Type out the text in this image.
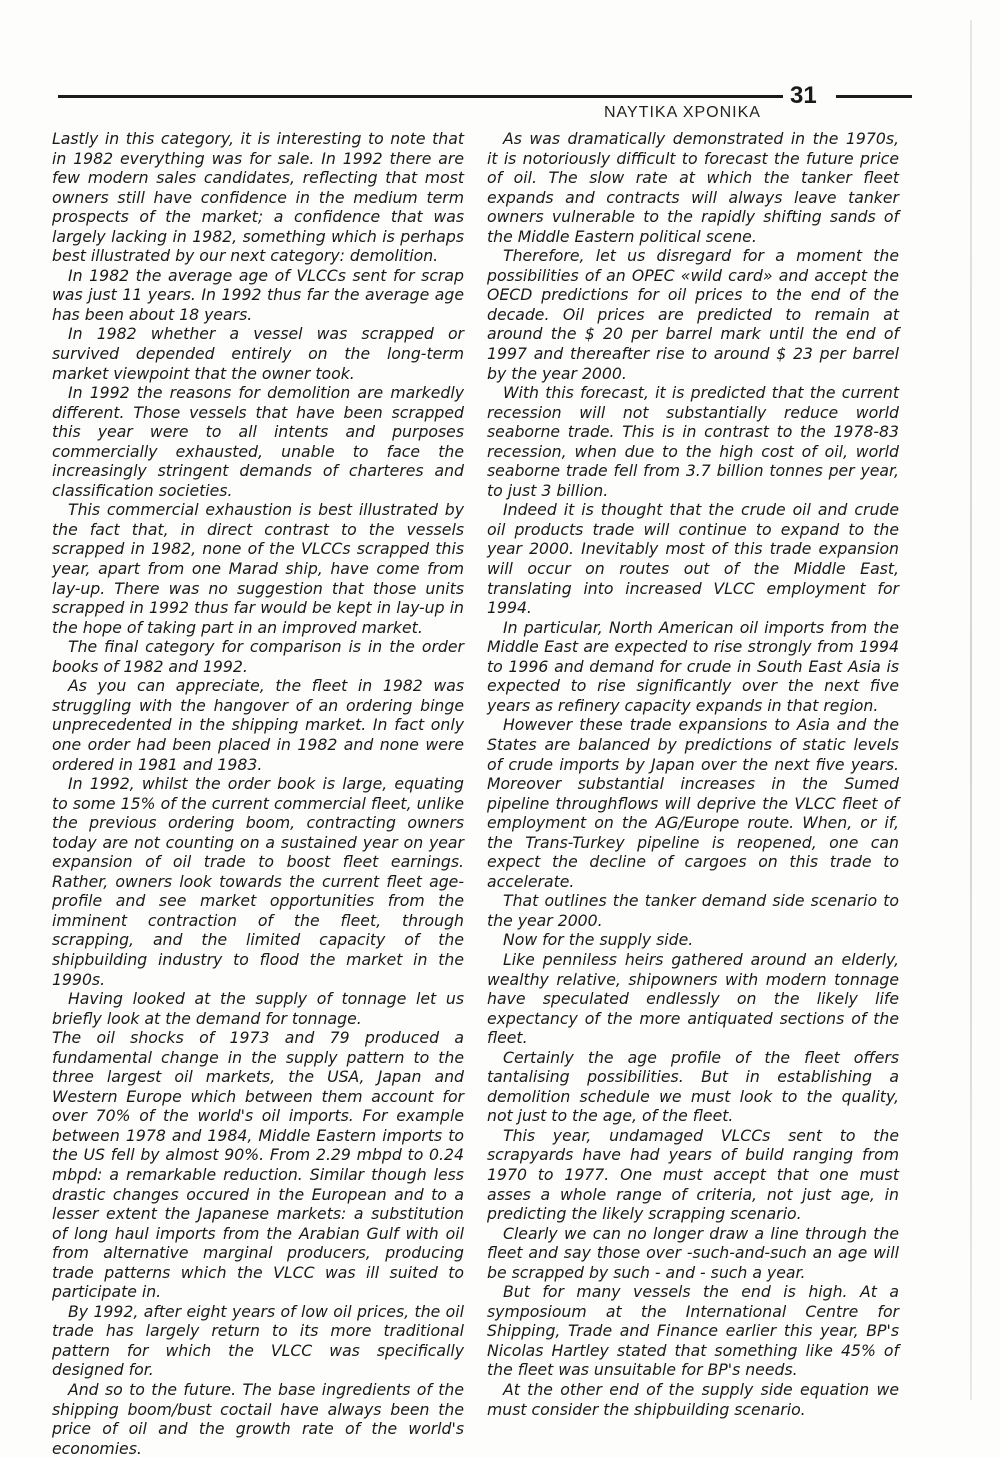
NAYTIKA XPONIKA
31

Lastly in this category, it is interesting to note that in 1982 everything was for sale. In 1992 there are few modern sales candidates, reflecting that most owners still have confidence in the medium term prospects of the market; a confidence that was largely lacking in 1982, something which is perhaps best illustrated by our next category: demolition.

In 1982 the average age of VLCCs sent for scrap was just 11 years. In 1992 thus far the average age has been about 18 years.

In 1982 whether a vessel was scrapped or survived depended entirely on the long-term market viewpoint that the owner took.

In 1992 the reasons for demolition are markedly different. Those vessels that have been scrapped this year were to all intents and purposes commercially exhausted, unable to face the increasingly stringent demands of charteres and classification societies.

This commercial exhaustion is best illustrated by the fact that, in direct contrast to the vessels scrapped in 1982, none of the VLCCs scrapped this year, apart from one Marad ship, have come from lay-up. There was no suggestion that those units scrapped in 1992 thus far would be kept in lay-up in the hope of taking part in an improved market.

The final category for comparison is in the order books of 1982 and 1992.

As you can appreciate, the fleet in 1982 was struggling with the hangover of an ordering binge unprecedented in the shipping market. In fact only one order had been placed in 1982 and none were ordered in 1981 and 1983.

In 1992, whilst the order book is large, equating to some 15% of the current commercial fleet, unlike the previous ordering boom, contracting owners today are not counting on a sustained year on year expansion of oil trade to boost fleet earnings. Rather, owners look towards the current fleet age-profile and see market opportunities from the imminent contraction of the fleet, through scrapping, and the limited capacity of the shipbuilding industry to flood the market in the 1990s.

Having looked at the supply of tonnage let us briefly look at the demand for tonnage.

The oil shocks of 1973 and 79 produced a fundamental change in the supply pattern to the three largest oil markets, the USA, Japan and Western Europe which between them account for over 70% of the world's oil imports. For example between 1978 and 1984, Middle Eastern imports to the US fell by almost 90%. From 2.29 mbpd to 0.24 mbpd: a remarkable reduction. Similar though less drastic changes occured in the European and to a lesser extent the Japanese markets: a substitution of long haul imports from the Arabian Gulf with oil from alternative marginal producers, producing trade patterns which the VLCC was ill suited to participate in.

By 1992, after eight years of low oil prices, the oil trade has largely return to its more traditional pattern for which the VLCC was specifically designed for.

And so to the future. The base ingredients of the shipping boom/bust coctail have always been the price of oil and the growth rate of the world's economies.

As was dramatically demonstrated in the 1970s, it is notoriously difficult to forecast the future price of oil. The slow rate at which the tanker fleet expands and contracts will always leave tanker owners vulnerable to the rapidly shifting sands of the Middle Eastern political scene.

Therefore, let us disregard for a moment the possibilities of an OPEC «wild card» and accept the OECD predictions for oil prices to the end of the decade. Oil prices are predicted to remain at around the $ 20 per barrel mark until the end of 1997 and thereafter rise to around $ 23 per barrel by the year 2000.

With this forecast, it is predicted that the current recession will not substantially reduce world seaborne trade. This is in contrast to the 1978-83 recession, when due to the high cost of oil, world seaborne trade fell from 3.7 billion tonnes per year, to just 3 billion.

Indeed it is thought that the crude oil and crude oil products trade will continue to expand to the year 2000. Inevitably most of this trade expansion will occur on routes out of the Middle East, translating into increased VLCC employment for 1994.

In particular, North American oil imports from the Middle East are expected to rise strongly from 1994 to 1996 and demand for crude in South East Asia is expected to rise significantly over the next five years as refinery capacity expands in that region.

However these trade expansions to Asia and the States are balanced by predictions of static levels of crude imports by Japan over the next five years. Moreover substantial increases in the Sumed pipeline throughflows will deprive the VLCC fleet of employment on the AG/Europe route. When, or if, the Trans-Turkey pipeline is reopened, one can expect the decline of cargoes on this trade to accelerate.

That outlines the tanker demand side scenario to the year 2000.

Now for the supply side.

Like penniless heirs gathered around an elderly, wealthy relative, shipowners with modern tonnage have speculated endlessly on the likely life expectancy of the more antiquated sections of the fleet.

Certainly the age profile of the fleet offers tantalising possibilities. But in establishing a demolition schedule we must look to the quality, not just to the age, of the fleet.

This year, undamaged VLCCs sent to the scrapyards have had years of build ranging from 1970 to 1977. One must accept that one must asses a whole range of criteria, not just age, in predicting the likely scrapping scenario.

Clearly we can no longer draw a line through the fleet and say those over -such-and-such an age will be scrapped by such - and - such a year.

But for many vessels the end is high. At a symposioum at the International Centre for Shipping, Trade and Finance earlier this year, BP's Nicolas Hartley stated that something like 45% of the fleet was unsuitable for BP's needs.

At the other end of the supply side equation we must consider the shipbuilding scenario.
